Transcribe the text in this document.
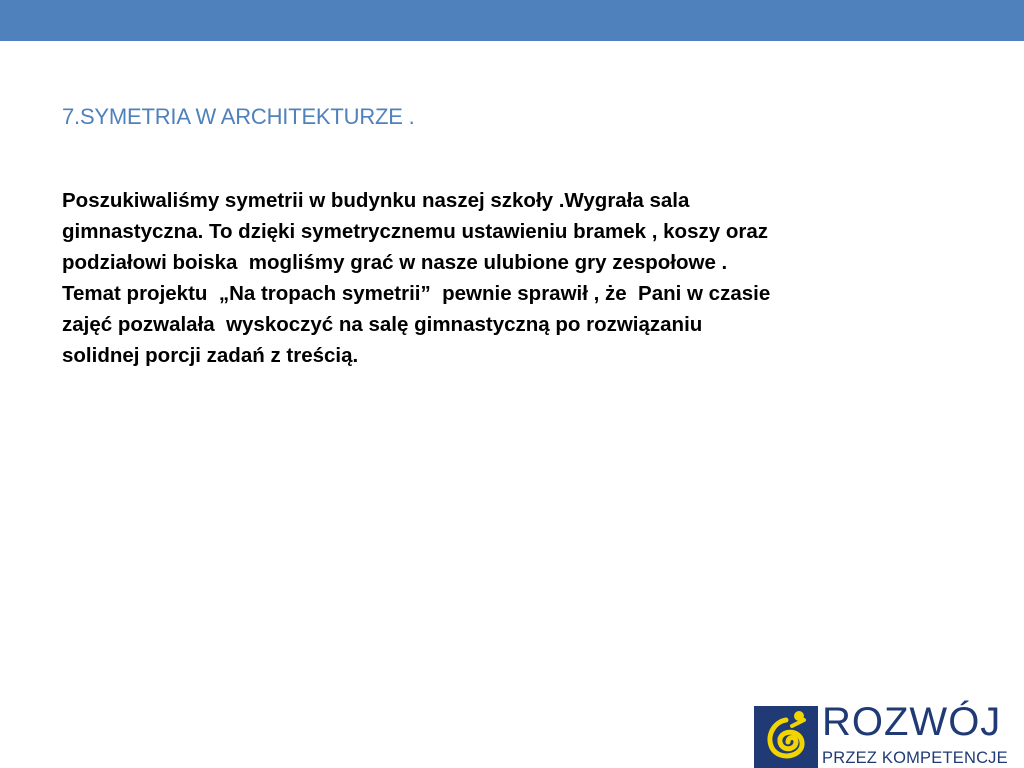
7.SYMETRIA W ARCHITEKTURZE .

Poszukiwaliśmy symetrii w budynku naszej szkoły .Wygrała sala
gimnastyczna. To dzięki symetrycznemu ustawieniu bramek , koszy oraz
podziałowi boiska  mogliśmy grać w nasze ulubione gry zespołowe .
Temat projektu  „Na tropach symetrii”  pewnie sprawił , że  Pani w czasie
zajęć pozwalała  wyskoczyć na salę gimnastyczną po rozwiązaniu
solidnej porcji zadań z treścią.

ROZWÓJ
PRZEZ KOMPETENCJE
